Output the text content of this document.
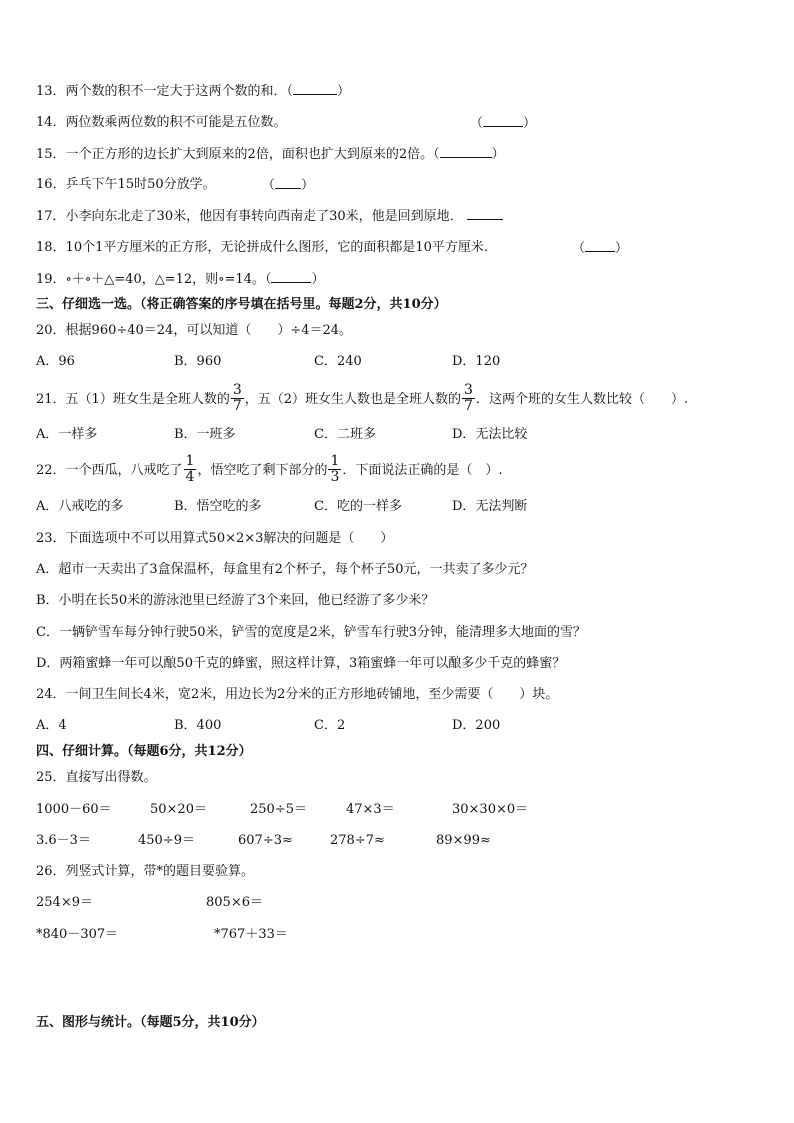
13．两个数的积不一定大于这两个数的和．（	）
14．两位数乘两位数的积不可能是五位数。	（	）
15．一个正方形的边长扩大到原来的2倍，面积也扩大到原来的2倍。（	）
16．乒乓下午15时50分放学。	（ ）
17．小李向东北走了30米，他因有事转向西南走了30米，他是回到原地．
18．10个1平方厘米的正方形，无论拼成什么图形，它的面积都是10平方厘米．	（ ）
19．∘＋∘＋△=40，△=12，则∘=14。（	）
三、仔细选一选。（将正确答案的序号填在括号里。每题2分，共10分）
20．根据960÷40＝24，可以知道（　　）÷4＝24。
A．96	B．960	C．240	D．120
21．五（1）班女生是全班人数的 $\frac{3}{7}$ ，五（2）班女生人数也是全班人数的 $\frac{3}{7}$ ．这两个班的女生人数比较（　　）.
A．一样多	B．一班多	C．二班多	D．无法比较
22．一个西瓜，八戒吃了 $\frac{1}{4}$ ，悟空吃了剩下部分的 $\frac{1}{3}$ ．下面说法正确的是（　）.
A．八戒吃的多	B．悟空吃的多	C．吃的一样多	D．无法判断
23．下面选项中不可以用算式50×2×3解决的问题是（　　）
A．超市一天卖出了3盒保温杯，每盒里有2个杯子，每个杯子50元，一共卖了多少元？
B．小明在长50米的游泳池里已经游了3个来回，他已经游了多少米？
C．一辆铲雪车每分钟行驶50米，铲雪的宽度是2米，铲雪车行驶3分钟，能清理多大地面的雪？
D．两箱蜜蜂一年可以酿50千克的蜂蜜，照这样计算，3箱蜜蜂一年可以酿多少千克的蜂蜜？
24．一间卫生间长4米，宽2米，用边长为2分米的正方形地砖铺地，至少需要（　　）块。
A．4	B．400	C．2	D．200
四、仔细计算。（每题6分，共12分）
25．直接写出得数。
1000－60＝	50×20＝	250÷5＝	47×3＝	30×30×0＝
3.6－3＝	450÷9＝	607÷3≈	278÷7≈	89×99≈
26．列竖式计算，带*的题目要验算。
254×9＝	805×6＝
*840－307＝	*767＋33＝
五、图形与统计。（每题5分，共10分）
